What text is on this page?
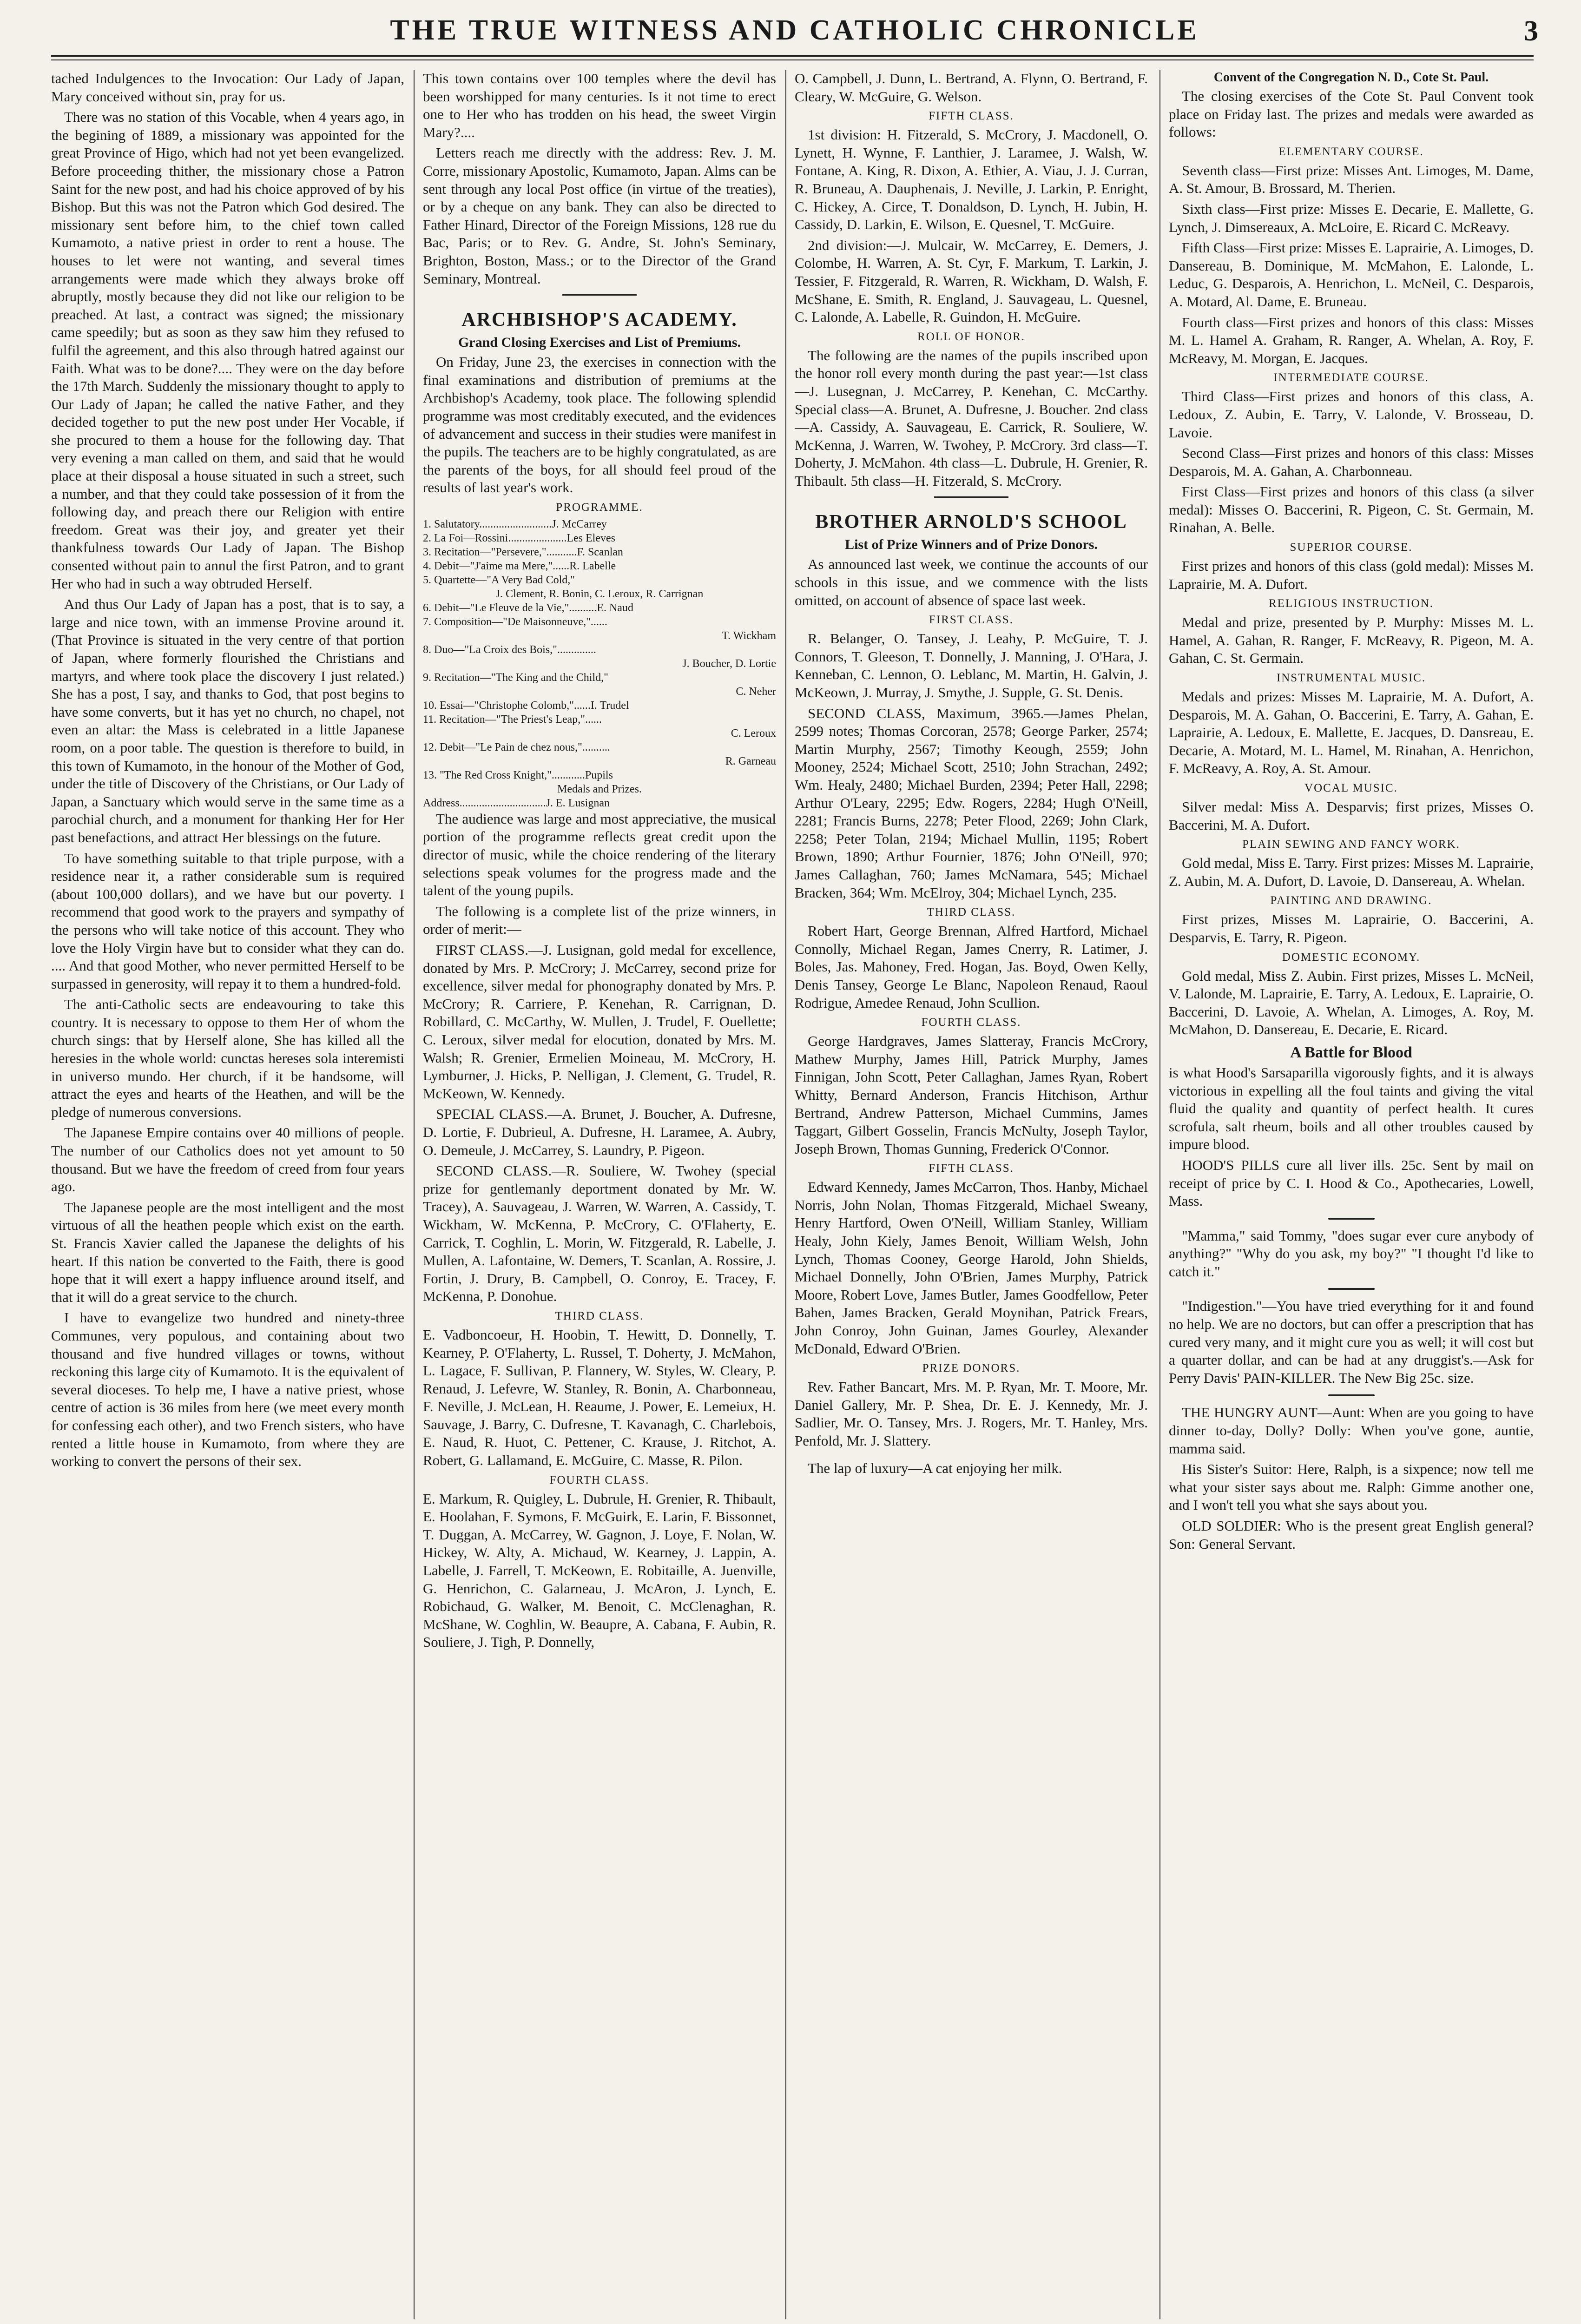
THE TRUE WITNESS AND CATHOLIC CHRONICLE	3

tached Indulgences to the Invocation: Our Lady of Japan, Mary conceived without sin, pray for us.

There was no station of this Vocable, when 4 years ago, in the begining of 1889, a missionary was appointed for the great Province of Higo, which had not yet been evangelized. Before proceeding thither, the missionary chose a Patron Saint for the new post, and had his choice approved of by his Bishop. But this was not the Patron which God desired. The missionary sent before him, to the chief town called Kumamoto, a native priest in order to rent a house. The houses to let were not wanting, and several times arrangements were made which they always broke off abruptly, mostly because they did not like our religion to be preached. At last, a contract was signed; the missionary came speedily; but as soon as they saw him they refused to fulfil the agreement, and this also through hatred against our Faith. What was to be done?.... They were on the day before the 17th March. Suddenly the missionary thought to apply to Our Lady of Japan; he called the native Father, and they decided together to put the new post under Her Vocable, if she procured to them a house for the following day. That very evening a man called on them, and said that he would place at their disposal a house situated in such a street, such a number, and that they could take possession of it from the following day, and preach there our Religion with entire freedom. Great was their joy, and greater yet their thankfulness towards Our Lady of Japan. The Bishop consented without pain to annul the first Patron, and to grant Her who had in such a way obtruded Herself.

And thus Our Lady of Japan has a post, that is to say, a large and nice town, with an immense Provine around it. (That Province is situated in the very centre of that portion of Japan, where formerly flourished the Christians and martyrs, and where took place the discovery I just related.) She has a post, I say, and thanks to God, that post begins to have some converts, but it has yet no church, no chapel, not even an altar: the Mass is celebrated in a little Japanese room, on a poor table. The question is therefore to build, in this town of Kumamoto, in the honour of the Mother of God, under the title of Discovery of the Christians, or Our Lady of Japan, a Sanctuary which would serve in the same time as a parochial church, and a monument for thanking Her for Her past benefactions, and attract Her blessings on the future.

To have something suitable to that triple purpose, with a residence near it, a rather considerable sum is required (about 100,000 dollars), and we have but our poverty. I recommend that good work to the prayers and sympathy of the persons who will take notice of this account. They who love the Holy Virgin have but to consider what they can do. .... And that good Mother, who never permitted Herself to be surpassed in generosity, will repay it to them a hundred-fold.

The anti-Catholic sects are endeavouring to take this country. It is necessary to oppose to them Her of whom the church sings: that by Herself alone, She has killed all the heresies in the whole world: cunctas hereses sola interemisti in universo mundo. Her church, if it be handsome, will attract the eyes and hearts of the Heathen, and will be the pledge of numerous conversions.

The Japanese Empire contains over 40 millions of people. The number of our Catholics does not yet amount to 50 thousand. But we have the freedom of creed from four years ago.

The Japanese people are the most intelligent and the most virtuous of all the heathen people which exist on the earth. St. Francis Xavier called the Japanese the delights of his heart. If this nation be converted to the Faith, there is good hope that it will exert a happy influence around itself, and that it will do a great service to the church.

I have to evangelize two hundred and ninety-three Communes, very populous, and containing about two thousand and five hundred villages or towns, without reckoning this large city of Kumamoto. It is the equivalent of several dioceses. To help me, I have a native priest, whose centre of action is 36 miles from here (we meet every month for confessing each other), and two French sisters, who have rented a little house in Kumamoto, from where they are working to convert the persons of their sex.

This town contains over 100 temples where the devil has been worshipped for many centuries. Is it not time to erect one to Her who has trodden on his head, the sweet Virgin Mary?....

Letters reach me directly with the address: Rev. J. M. Corre, missionary Apostolic, Kumamoto, Japan. Alms can be sent through any local Post office (in virtue of the treaties), or by a cheque on any bank. They can also be directed to Father Hinard, Director of the Foreign Missions, 128 rue du Bac, Paris; or to Rev. G. Andre, St. John's Seminary, Brighton, Boston, Mass.; or to the Director of the Grand Seminary, Montreal.

ARCHBISHOP'S ACADEMY.
Grand Closing Exercises and List of Premiums.

On Friday, June 23, the exercises in connection with the final examinations and distribution of premiums at the Archbishop's Academy, took place. The following splendid programme was most creditably executed, and the evidences of advancement and success in their studies were manifest in the pupils. The teachers are to be highly congratulated, as are the parents of the boys, for all should feel proud of the results of last year's work.

PROGRAMME.
1. Salutatory..........................J. McCarrey
2. La Foi—Rossini.....................Les Eleves
3. Recitation—"Persevere,"...........F. Scanlan
4. Debit—"J'aime ma Mere,"......R. Labelle
5. Quartette—"A Very Bad Cold,"
J. Clement, R. Bonin, C. Leroux, R. Carrignan
6. Debit—"Le Fleuve de la Vie,"..........E. Naud
7. Composition—"De Maisonneuve,"......
T. Wickham
8. Duo—"La Croix des Bois,"..............
J. Boucher, D. Lortie
9. Recitation—"The King and the Child,"
C. Neher
10. Essai—"Christophe Colomb,"......I. Trudel
11. Recitation—"The Priest's Leap,"......
C. Leroux
12. Debit—"Le Pain de chez nous,"..........
R. Garneau
13. "The Red Cross Knight,"............Pupils
Medals and Prizes.
Address...............................J. E. Lusignan

The audience was large and most appreciative, the musical portion of the programme reflects great credit upon the director of music, while the choice rendering of the literary selections speak volumes for the progress made and the talent of the young pupils.

The following is a complete list of the prize winners, in order of merit:—

FIRST CLASS.—J. Lusignan, gold medal for excellence, donated by Mrs. P. McCrory; J. McCarrey, second prize for excellence, silver medal for phonography donated by Mrs. P. McCrory; R. Carriere, P. Kenehan, R. Carrignan, D. Robillard, C. McCarthy, W. Mullen, J. Trudel, F. Ouellette; C. Leroux, silver medal for elocution, donated by Mrs. M. Walsh; R. Grenier, Ermelien Moineau, M. McCrory, H. Lymburner, J. Hicks, P. Nelligan, J. Clement, G. Trudel, R. McKeown, W. Kennedy.

SPECIAL CLASS.—A. Brunet, J. Boucher, A. Dufresne, D. Lortie, F. Dubrieul, A. Dufresne, H. Laramee, A. Aubry, O. Demeule, J. McCarrey, S. Laundry, P. Pigeon.

SECOND CLASS.—R. Souliere, W. Twohey (special prize for gentlemanly deportment donated by Mr. W. Tracey), A. Sauvageau, J. Warren, W. Warren, A. Cassidy, T. Wickham, W. McKenna, P. McCrory, C. O'Flaherty, E. Carrick, T. Coghlin, L. Morin, W. Fitzgerald, R. Labelle, J. Mullen, A. Lafontaine, W. Demers, T. Scanlan, A. Rossire, J. Fortin, J. Drury, B. Campbell, O. Conroy, E. Tracey, F. McKenna, P. Donohue.

THIRD CLASS.

E. Vadboncoeur, H. Hoobin, T. Hewitt, D. Donnelly, T. Kearney, P. O'Flaherty, L. Russel, T. Doherty, J. McMahon, L. Lagace, F. Sullivan, P. Flannery, W. Styles, W. Cleary, P. Renaud, J. Lefevre, W. Stanley, R. Bonin, A. Charbonneau, F. Neville, J. McLean, H. Reaume, J. Power, E. Lemeiux, H. Sauvage, J. Barry, C. Dufresne, T. Kavanagh, C. Charlebois, E. Naud, R. Huot, C. Pettener, C. Krause, J. Ritchot, A. Robert, G. Lallamand, E. McGuire, C. Masse, R. Pilon.

FOURTH CLASS.

E. Markum, R. Quigley, L. Dubrule, H. Grenier, R. Thibault, E. Hoolahan, F. Symons, F. McGuirk, E. Larin, F. Bissonnet, T. Duggan, A. McCarrey, W. Gagnon, J. Loye, F. Nolan, W. Hickey, W. Alty, A. Michaud, W. Kearney, J. Lappin, A. Labelle, J. Farrell, T. McKeown, E. Robitaille, A. Juenville, G. Henrichon, C. Galarneau, J. McAron, J. Lynch, E. Robichaud, G. Walker, M. Benoit, C. McClenaghan, R. McShane, W. Coghlin, W. Beaupre, A. Cabana, F. Aubin, R. Souliere, J. Tigh, P. Donnelly,

O. Campbell, J. Dunn, L. Bertrand, A. Flynn, O. Bertrand, F. Cleary, W. McGuire, G. Welson.

FIFTH CLASS.

1st division: H. Fitzerald, S. McCrory, J. Macdonell, O. Lynett, H. Wynne, F. Lanthier, J. Laramee, J. Walsh, W. Fontane, A. King, R. Dixon, A. Ethier, A. Viau, J. J. Curran, R. Bruneau, A. Dauphenais, J. Neville, J. Larkin, P. Enright, C. Hickey, A. Circe, T. Donaldson, D. Lynch, H. Jubin, H. Cassidy, D. Larkin, E. Wilson, E. Quesnel, T. McGuire.

2nd division:—J. Mulcair, W. McCarrey, E. Demers, J. Colombe, H. Warren, A. St. Cyr, F. Markum, T. Larkin, J. Tessier, F. Fitzgerald, R. Warren, R. Wickham, D. Walsh, F. McShane, E. Smith, R. England, J. Sauvageau, L. Quesnel, C. Lalonde, A. Labelle, R. Guindon, H. McGuire.

ROLL OF HONOR.

The following are the names of the pupils inscribed upon the honor roll every month during the past year:—1st class—J. Lusegnan, J. McCarrey, P. Kenehan, C. McCarthy. Special class—A. Brunet, A. Dufresne, J. Boucher. 2nd class—A. Cassidy, A. Sauvageau, E. Carrick, R. Souliere, W. McKenna, J. Warren, W. Twohey, P. McCrory. 3rd class—T. Doherty, J. McMahon. 4th class—L. Dubrule, H. Grenier, R. Thibault. 5th class—H. Fitzerald, S. McCrory.

BROTHER ARNOLD'S SCHOOL
List of Prize Winners and of Prize Donors.

As announced last week, we continue the accounts of our schools in this issue, and we commence with the lists omitted, on account of absence of space last week.

FIRST CLASS.

R. Belanger, O. Tansey, J. Leahy, P. McGuire, T. J. Connors, T. Gleeson, T. Donnelly, J. Manning, J. O'Hara, J. Kenneban, C. Lennon, O. Leblanc, M. Martin, H. Galvin, J. McKeown, J. Murray, J. Smythe, J. Supple, G. St. Denis.

SECOND CLASS, Maximum, 3965.—James Phelan, 2599 notes; Thomas Corcoran, 2578; George Parker, 2574; Martin Murphy, 2567; Timothy Keough, 2559; John Mooney, 2524; Michael Scott, 2510; John Strachan, 2492; Wm. Healy, 2480; Michael Burden, 2394; Peter Hall, 2298; Arthur O'Leary, 2295; Edw. Rogers, 2284; Hugh O'Neill, 2281; Francis Burns, 2278; Peter Flood, 2269; John Clark, 2258; Peter Tolan, 2194; Michael Mullin, 1195; Robert Brown, 1890; Arthur Fournier, 1876; John O'Neill, 970; James Callaghan, 760; James McNamara, 545; Michael Bracken, 364; Wm. McElroy, 304; Michael Lynch, 235.

THIRD CLASS.

Robert Hart, George Brennan, Alfred Hartford, Michael Connolly, Michael Regan, James Cnerry, R. Latimer, J. Boles, Jas. Mahoney, Fred. Hogan, Jas. Boyd, Owen Kelly, Denis Tansey, George Le Blanc, Napoleon Renaud, Raoul Rodrigue, Amedee Renaud, John Scullion.

FOURTH CLASS.

George Hardgraves, James Slatteray, Francis McCrory, Mathew Murphy, James Hill, Patrick Murphy, James Finnigan, John Scott, Peter Callaghan, James Ryan, Robert Whitty, Bernard Anderson, Francis Hitchison, Arthur Bertrand, Andrew Patterson, Michael Cummins, James Taggart, Gilbert Gosselin, Francis McNulty, Joseph Taylor, Joseph Brown, Thomas Gunning, Frederick O'Connor.

FIFTH CLASS.

Edward Kennedy, James McCarron, Thos. Hanby, Michael Norris, John Nolan, Thomas Fitzgerald, Michael Sweany, Henry Hartford, Owen O'Neill, William Stanley, William Healy, John Kiely, James Benoit, William Welsh, John Lynch, Thomas Cooney, George Harold, John Shields, Michael Donnelly, John O'Brien, James Murphy, Patrick Moore, Robert Love, James Butler, James Goodfellow, Peter Bahen, James Bracken, Gerald Moynihan, Patrick Frears, John Conroy, John Guinan, James Gourley, Alexander McDonald, Edward O'Brien.

PRIZE DONORS.

Rev. Father Bancart, Mrs. M. P. Ryan, Mr. T. Moore, Mr. Daniel Gallery, Mr. P. Shea, Dr. E. J. Kennedy, Mr. J. Sadlier, Mr. O. Tansey, Mrs. J. Rogers, Mr. T. Hanley, Mrs. Penfold, Mr. J. Slattery.

The lap of luxury—A cat enjoying her milk.

Convent of the Congregation N. D., Cote St. Paul.

The closing exercises of the Cote St. Paul Convent took place on Friday last. The prizes and medals were awarded as follows:

ELEMENTARY COURSE.

Seventh class—First prize: Misses Ant. Limoges, M. Dame, A. St. Amour, B. Brossard, M. Therien.

Sixth class—First prize: Misses E. Decarie, E. Mallette, G. Lynch, J. Dimsereaux, A. McLoire, E. Ricard C. McReavy.

Fifth Class—First prize: Misses E. Laprairie, A. Limoges, D. Dansereau, B. Dominique, M. McMahon, E. Lalonde, L. Leduc, G. Desparois, A. Henrichon, L. McNeil, C. Desparois, A. Motard, Al. Dame, E. Bruneau.

Fourth class—First prizes and honors of this class: Misses M. L. Hamel A. Graham, R. Ranger, A. Whelan, A. Roy, F. McReavy, M. Morgan, E. Jacques.

INTERMEDIATE COURSE.

Third Class—First prizes and honors of this class, A. Ledoux, Z. Aubin, E. Tarry, V. Lalonde, V. Brosseau, D. Lavoie.

Second Class—First prizes and honors of this class: Misses Desparois, M. A. Gahan, A. Charbonneau.

First Class—First prizes and honors of this class (a silver medal): Misses O. Baccerini, R. Pigeon, C. St. Germain, M. Rinahan, A. Belle.

SUPERIOR COURSE.

First prizes and honors of this class (gold medal): Misses M. Laprairie, M. A. Dufort.

RELIGIOUS INSTRUCTION.

Medal and prize, presented by P. Murphy: Misses M. L. Hamel, A. Gahan, R. Ranger, F. McReavy, R. Pigeon, M. A. Gahan, C. St. Germain.

INSTRUMENTAL MUSIC.

Medals and prizes: Misses M. Laprairie, M. A. Dufort, A. Desparois, M. A. Gahan, O. Baccerini, E. Tarry, A. Gahan, E. Laprairie, A. Ledoux, E. Mallette, E. Jacques, D. Dansreau, E. Decarie, A. Motard, M. L. Hamel, M. Rinahan, A. Henrichon, F. McReavy, A. Roy, A. St. Amour.

VOCAL MUSIC.

Silver medal: Miss A. Desparvis; first prizes, Misses O. Baccerini, M. A. Dufort.

PLAIN SEWING AND FANCY WORK.

Gold medal, Miss E. Tarry. First prizes: Misses M. Laprairie, Z. Aubin, M. A. Dufort, D. Lavoie, D. Dansereau, A. Whelan.

PAINTING AND DRAWING.

First prizes, Misses M. Laprairie, O. Baccerini, A. Desparvis, E. Tarry, R. Pigeon.

DOMESTIC ECONOMY.

Gold medal, Miss Z. Aubin. First prizes, Misses L. McNeil, V. Lalonde, M. Laprairie, E. Tarry, A. Ledoux, E. Laprairie, O. Baccerini, D. Lavoie, A. Whelan, A. Limoges, A. Roy, M. McMahon, D. Dansereau, E. Decarie, E. Ricard.

A Battle for Blood

is what Hood's Sarsaparilla vigorously fights, and it is always victorious in expelling all the foul taints and giving the vital fluid the quality and quantity of perfect health. It cures scrofula, salt rheum, boils and all other troubles caused by impure blood.

HOOD'S PILLS cure all liver ills. 25c. Sent by mail on receipt of price by C. I. Hood & Co., Apothecaries, Lowell, Mass.

"Mamma," said Tommy, "does sugar ever cure anybody of anything?" "Why do you ask, my boy?" "I thought I'd like to catch it."

"Indigestion."—You have tried everything for it and found no help. We are no doctors, but can offer a prescription that has cured very many, and it might cure you as well; it will cost but a quarter dollar, and can be had at any druggist's.—Ask for Perry Davis' PAIN-KILLER. The New Big 25c. size.

THE HUNGRY AUNT—Aunt: When are you going to have dinner to-day, Dolly? Dolly: When you've gone, auntie, mamma said.

His Sister's Suitor: Here, Ralph, is a sixpence; now tell me what your sister says about me. Ralph: Gimme another one, and I won't tell you what she says about you.

OLD SOLDIER: Who is the present great English general? Son: General Servant.
